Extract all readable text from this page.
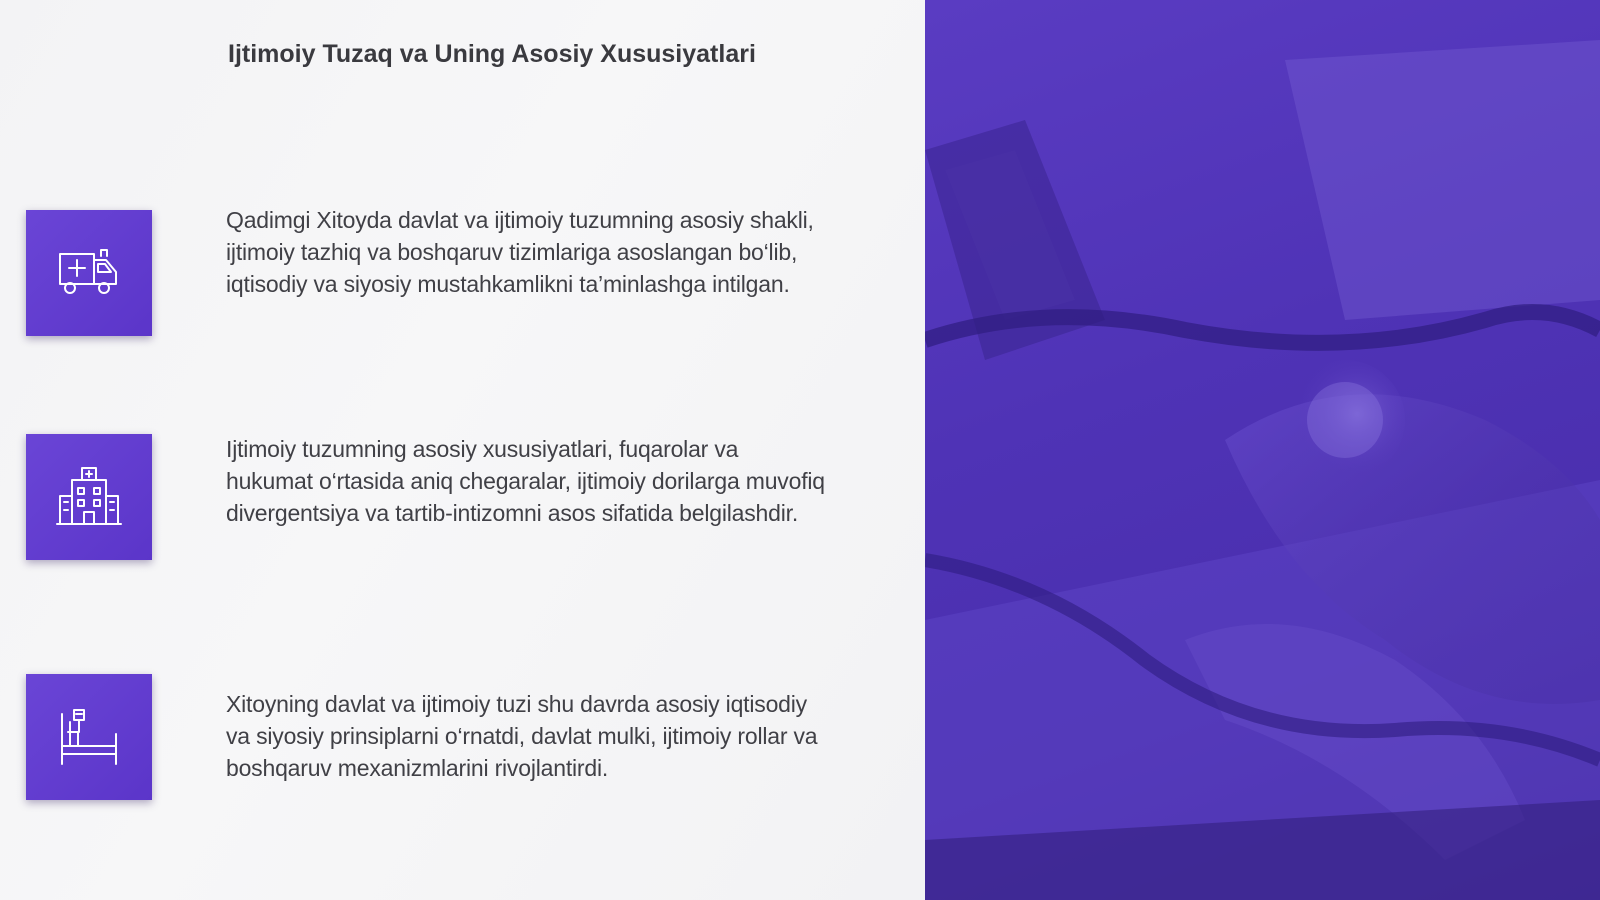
Ijtimoiy Tuzaq va Uning Asosiy Xususiyatlari
Qadimgi Xitoyda davlat va ijtimoiy tuzumning asosiy shakli, ijtimoiy tazhiq va boshqaruv tizimlariga asoslangan bo‘lib, iqtisodiy va siyosiy mustahkamlikni ta’minlashga intilgan.
Ijtimoiy tuzumning asosiy xususiyatlari, fuqarolar va hukumat o‘rtasida aniq chegaralar, ijtimoiy dorilarga muvofiq divergentsiya va tartib-intizomni asos sifatida belgilashdir.
Xitoyning davlat va ijtimoiy tuzi shu davrda asosiy iqtisodiy va siyosiy prinsiplarni o‘rnatdi, davlat mulki, ijtimoiy rollar va boshqaruv mexanizmlarini rivojlantirdi.
